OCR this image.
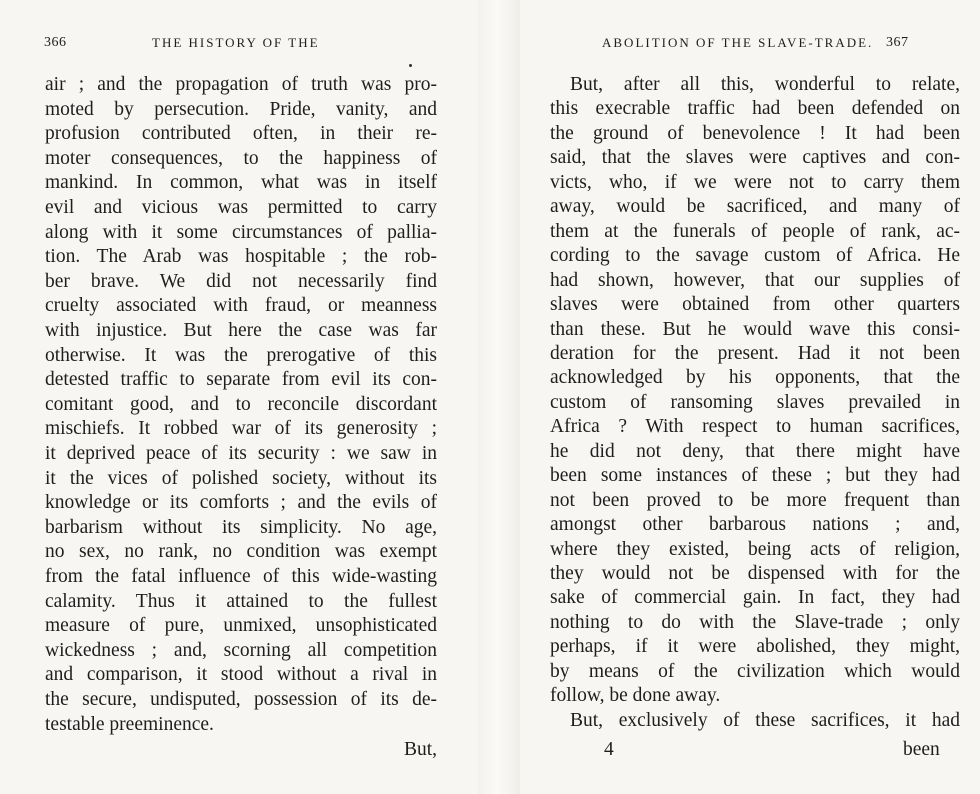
366	THE HISTORY OF THE
air ; and the propagation of truth was pro-
moted by persecution. Pride, vanity, and
profusion contributed often, in their re-
moter consequences, to the happiness of
mankind. In common, what was in itself
evil and vicious was permitted to carry
along with it some circumstances of pallia-
tion. The Arab was hospitable ; the rob-
ber brave. We did not necessarily find
cruelty associated with fraud, or meanness
with injustice. But here the case was far
otherwise. It was the prerogative of this
detested traffic to separate from evil its con-
comitant good, and to reconcile discordant
mischiefs. It robbed war of its generosity ;
it deprived peace of its security : we saw in
it the vices of polished society, without its
knowledge or its comforts ; and the evils of
barbarism without its simplicity. No age,
no sex, no rank, no condition was exempt
from the fatal influence of this wide-wasting
calamity. Thus it attained to the fullest
measure of pure, unmixed, unsophisticated
wickedness ; and, scorning all competition
and comparison, it stood without a rival in
the secure, undisputed, possession of its de-
testable preeminence.
But,
ABOLITION OF THE SLAVE-TRADE. 367
But, after all this, wonderful to relate,
this execrable traffic had been defended on
the ground of benevolence ! It had been
said, that the slaves were captives and con-
victs, who, if we were not to carry them
away, would be sacrificed, and many of
them at the funerals of people of rank, ac-
cording to the savage custom of Africa. He
had shown, however, that our supplies of
slaves were obtained from other quarters
than these. But he would wave this consi-
deration for the present. Had it not been
acknowledged by his opponents, that the
custom of ransoming slaves prevailed in
Africa ? With respect to human sacrifices,
he did not deny, that there might have
been some instances of these ; but they had
not been proved to be more frequent than
amongst other barbarous nations ; and,
where they existed, being acts of religion,
they would not be dispensed with for the
sake of commercial gain. In fact, they had
nothing to do with the Slave-trade ; only
perhaps, if it were abolished, they might,
by means of the civilization which would
follow, be done away.
But, exclusively of these sacrifices, it had
4	been
